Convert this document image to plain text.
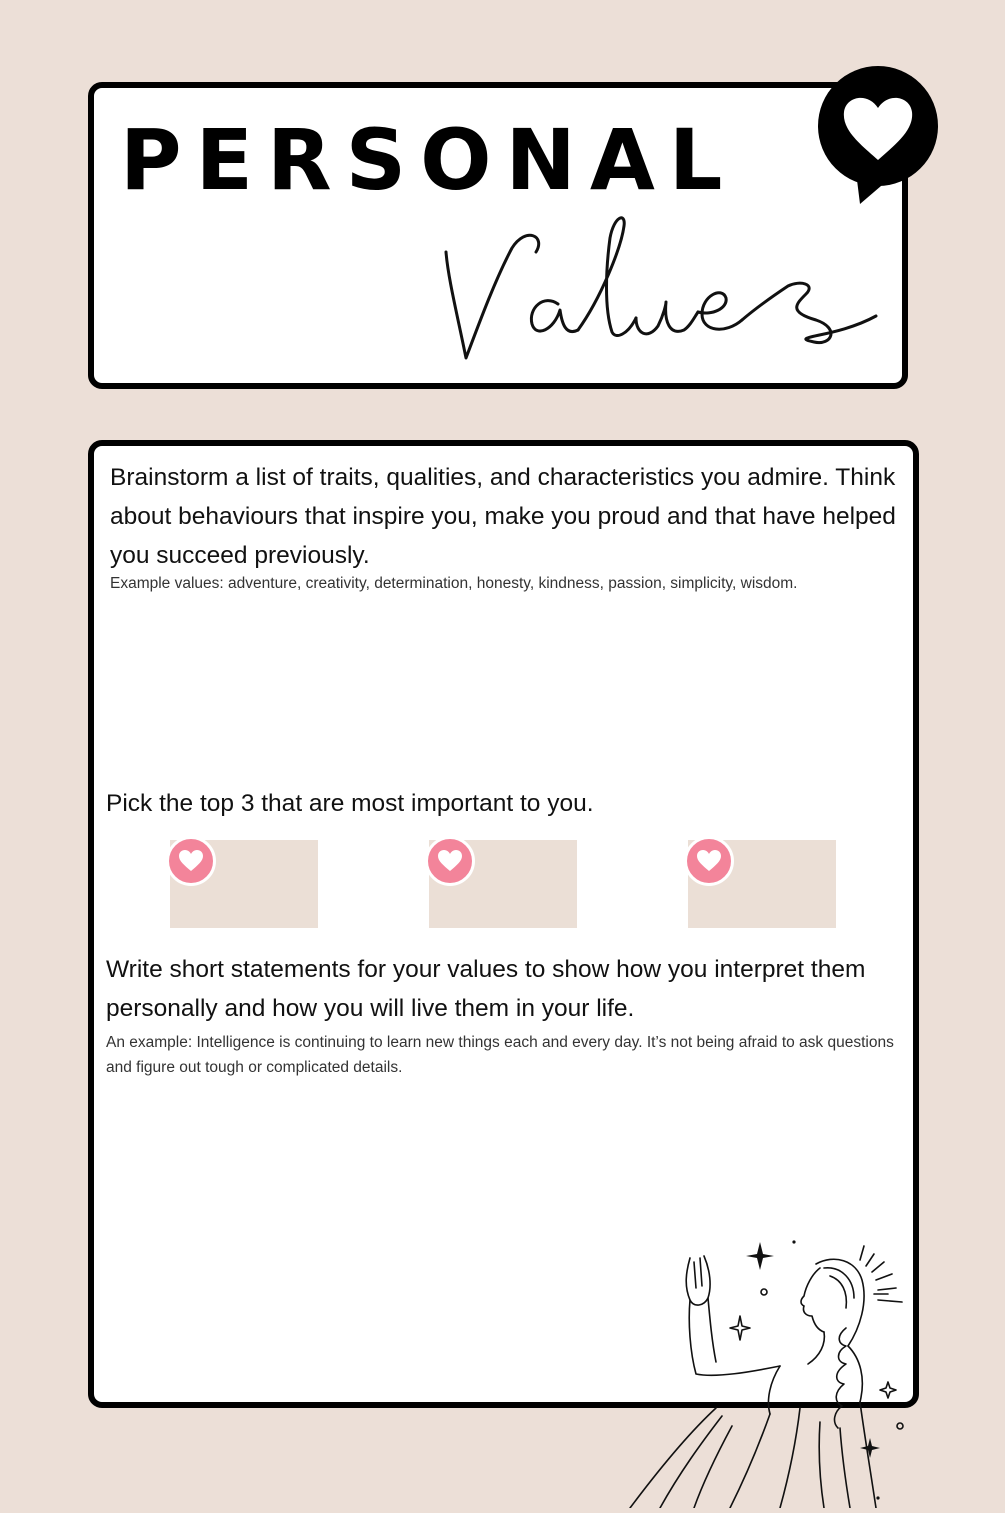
PERSONAL

Brainstorm a list of traits, qualities, and characteristics you admire. Think about behaviours that inspire you, make you proud and that have helped you succeed previously.

Example values: adventure, creativity, determination, honesty, kindness, passion, simplicity, wisdom.

Pick the top 3 that are most important to you.

Write short statements for your values to show how you interpret them personally and how you will live them in your life.

An example: Intelligence is continuing to learn new things each and every day. It’s not being afraid to ask questions and figure out tough or complicated details.
